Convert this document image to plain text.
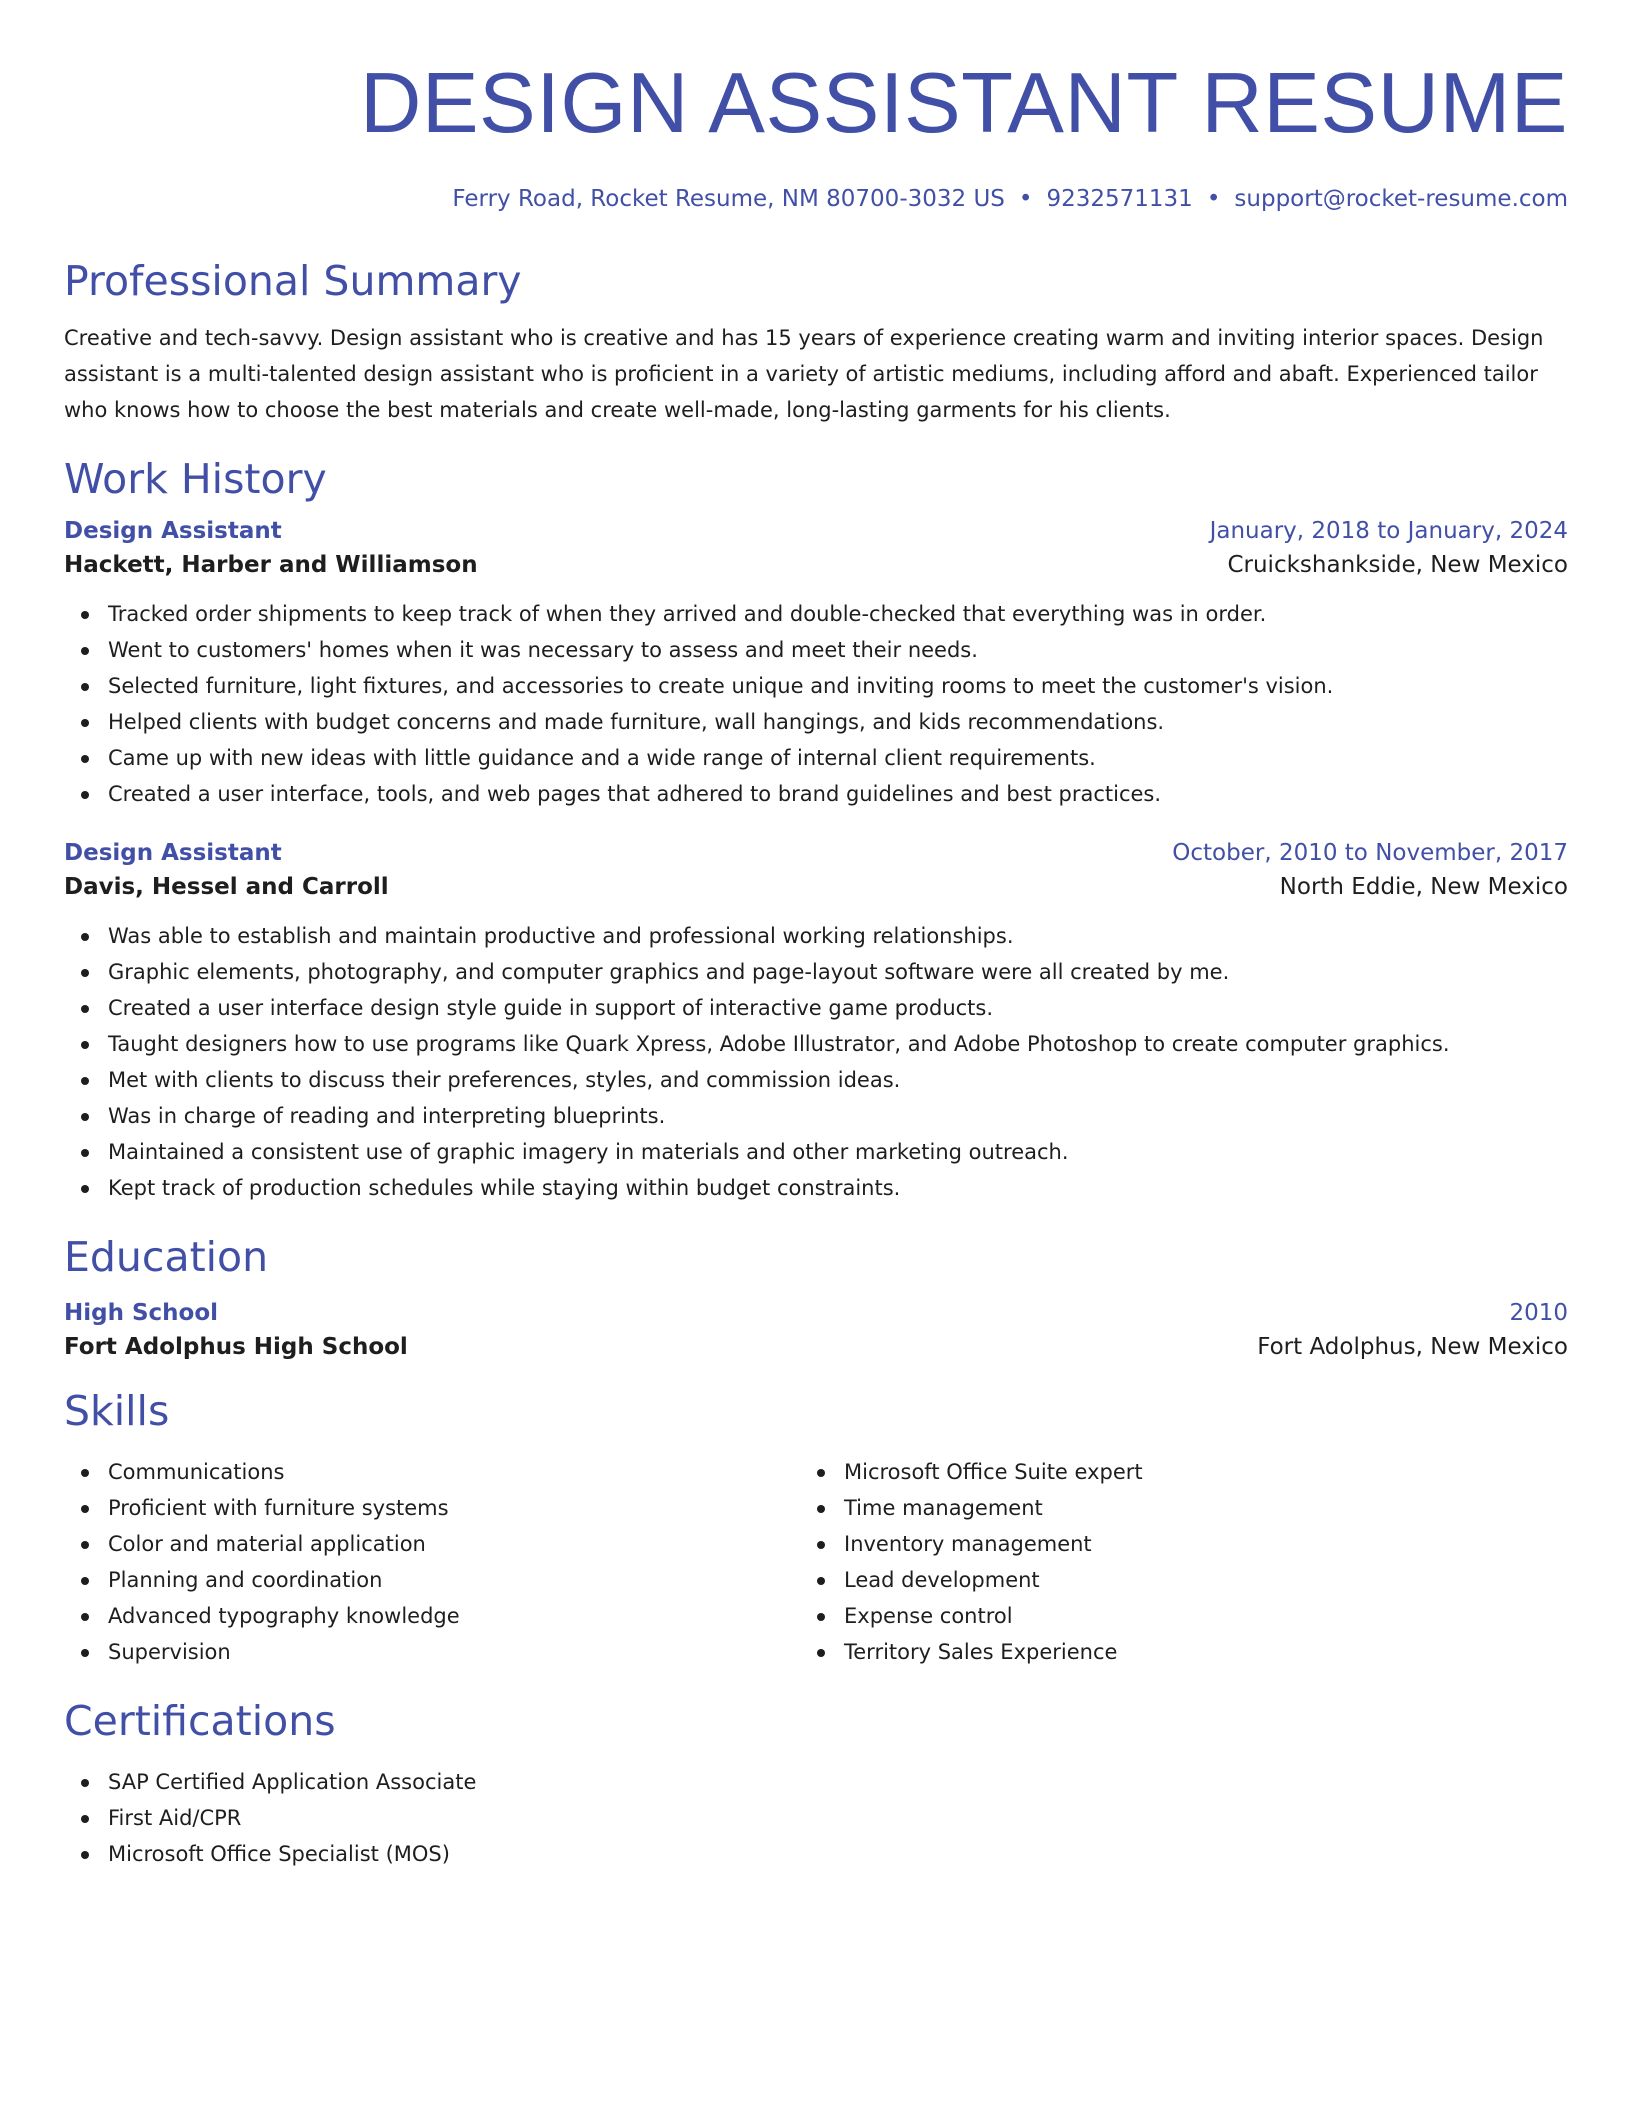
DESIGN ASSISTANT RESUME
Ferry Road, Rocket Resume, NM 80700-3032 US • 9232571131 • support@rocket-resume.com
Professional Summary
Creative and tech-savvy. Design assistant who is creative and has 15 years of experience creating warm and inviting interior spaces. Design assistant is a multi-talented design assistant who is proficient in a variety of artistic mediums, including afford and abaft. Experienced tailor who knows how to choose the best materials and create well-made, long-lasting garments for his clients.
Work History
Design Assistant	January, 2018 to January, 2024
Hackett, Harber and Williamson	Cruickshankside, New Mexico
Tracked order shipments to keep track of when they arrived and double-checked that everything was in order.
Went to customers' homes when it was necessary to assess and meet their needs.
Selected furniture, light fixtures, and accessories to create unique and inviting rooms to meet the customer's vision.
Helped clients with budget concerns and made furniture, wall hangings, and kids recommendations.
Came up with new ideas with little guidance and a wide range of internal client requirements.
Created a user interface, tools, and web pages that adhered to brand guidelines and best practices.
Design Assistant	October, 2010 to November, 2017
Davis, Hessel and Carroll	North Eddie, New Mexico
Was able to establish and maintain productive and professional working relationships.
Graphic elements, photography, and computer graphics and page-layout software were all created by me.
Created a user interface design style guide in support of interactive game products.
Taught designers how to use programs like Quark Xpress, Adobe Illustrator, and Adobe Photoshop to create computer graphics.
Met with clients to discuss their preferences, styles, and commission ideas.
Was in charge of reading and interpreting blueprints.
Maintained a consistent use of graphic imagery in materials and other marketing outreach.
Kept track of production schedules while staying within budget constraints.
Education
High School	2010
Fort Adolphus High School	Fort Adolphus, New Mexico
Skills
Communications
Proficient with furniture systems
Color and material application
Planning and coordination
Advanced typography knowledge
Supervision
Microsoft Office Suite expert
Time management
Inventory management
Lead development
Expense control
Territory Sales Experience
Certifications
SAP Certified Application Associate
First Aid/CPR
Microsoft Office Specialist (MOS)
